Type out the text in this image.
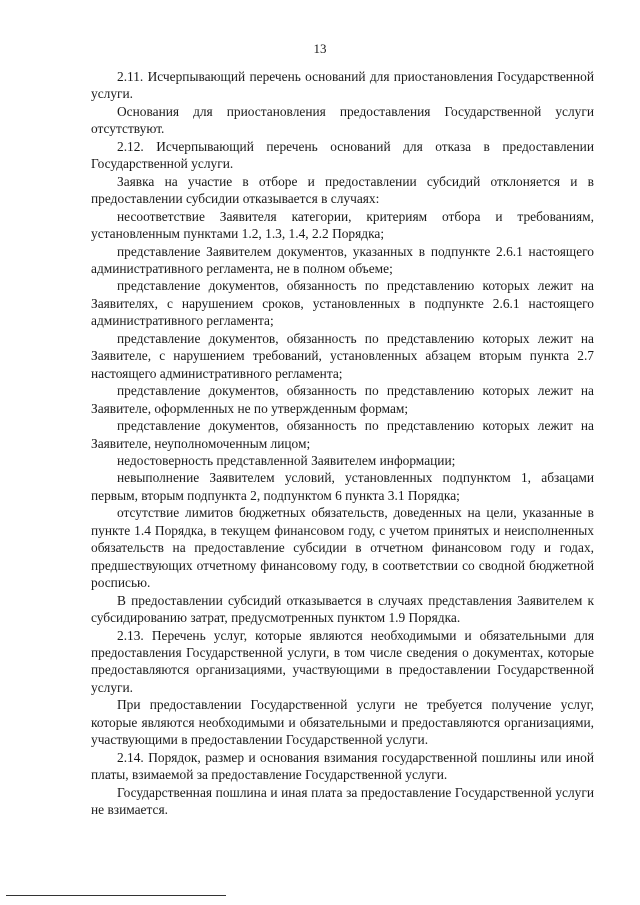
13

2.11. Исчерпывающий перечень оснований для приостановления Государственной услуги.

Основания для приостановления предоставления Государственной услуги отсутствуют.

2.12. Исчерпывающий перечень оснований для отказа в предоставлении Государственной услуги.

Заявка на участие в отборе и предоставлении субсидий отклоняется и в предоставлении субсидии отказывается в случаях:

несоответствие Заявителя категории, критериям отбора и требованиям, установленным пунктами 1.2, 1.3, 1.4, 2.2 Порядка;

представление Заявителем документов, указанных в подпункте 2.6.1 настоящего административного регламента, не в полном объеме;

представление документов, обязанность по представлению которых лежит на Заявителях, с нарушением сроков, установленных в подпункте 2.6.1 настоящего административного регламента;

представление документов, обязанность по представлению которых лежит на Заявителе, с нарушением требований, установленных абзацем вторым пункта 2.7 настоящего административного регламента;

представление документов, обязанность по представлению которых лежит на Заявителе, оформленных не по утвержденным формам;

представление документов, обязанность по представлению которых лежит на Заявителе, неуполномоченным лицом;

недостоверность представленной Заявителем информации;

невыполнение Заявителем условий, установленных подпунктом 1, абзацами первым, вторым подпункта 2, подпунктом 6 пункта 3.1 Порядка;

отсутствие лимитов бюджетных обязательств, доведенных на цели, указанные в пункте 1.4 Порядка, в текущем финансовом году, с учетом принятых и неисполненных обязательств на предоставление субсидии в отчетном финансовом году и годах, предшествующих отчетному финансовому году, в соответствии со сводной бюджетной росписью.

В предоставлении субсидий отказывается в случаях представления Заявителем к субсидированию затрат, предусмотренных пунктом 1.9 Порядка.

2.13. Перечень услуг, которые являются необходимыми и обязательными для предоставления Государственной услуги, в том числе сведения о документах, которые предоставляются организациями, участвующими в предоставлении Государственной услуги.

При предоставлении Государственной услуги не требуется получение услуг, которые являются необходимыми и обязательными и предоставляются организациями, участвующими в предоставлении Государственной услуги.

2.14. Порядок, размер и основания взимания государственной пошлины или иной платы, взимаемой за предоставление Государственной услуги.

Государственная пошлина и иная плата за предоставление Государственной услуги не взимается.
